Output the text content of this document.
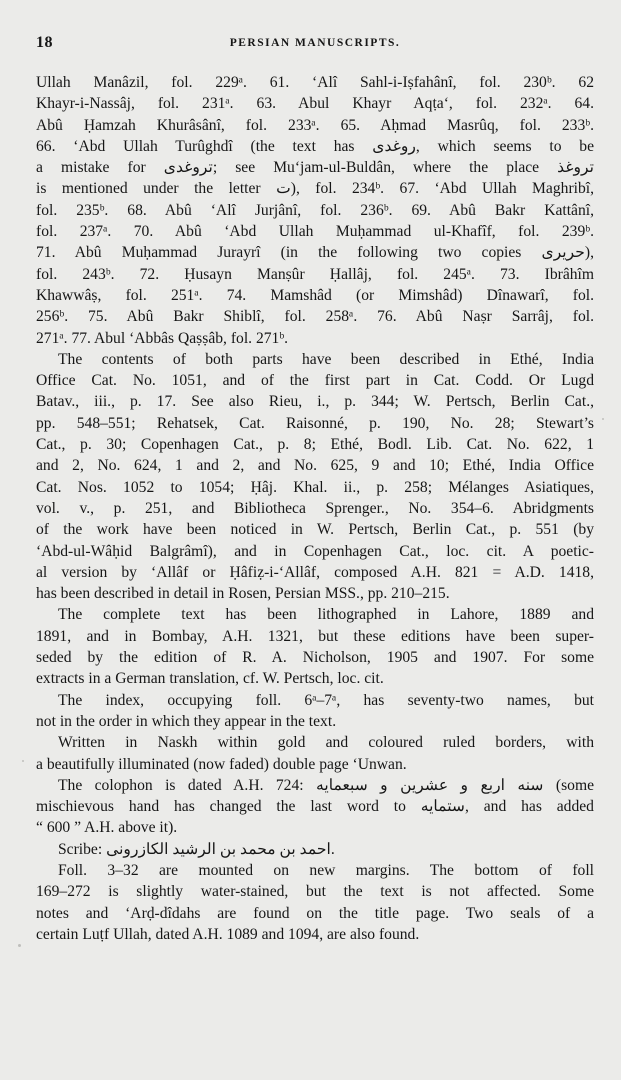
18	PERSIAN MANUSCRIPTS.
Ullah Manâzil, fol. 229ᵃ. 61. ‘Alî Sahl-i-Iṣfahânî, fol. 230ᵇ. 62
Khayr-i-Nassâj, fol. 231ᵃ. 63. Abul Khayr Aqṭa‘, fol. 232ᵃ. 64.
Abû Ḥamzah Khurâsânî, fol. 233ᵃ. 65. Aḥmad Masrûq, fol. 233ᵇ.
66. ‘Abd Ullah Turûghdî (the text has روغدی, which seems to be
a mistake for تروغدی; see Mu‘jam-ul-Buldân, where the place تروغذ
is mentioned under the letter ت), fol. 234ᵇ. 67. ‘Abd Ullah Maghribî,
fol. 235ᵇ. 68. Abû ‘Alî Jurjânî, fol. 236ᵇ. 69. Abû Bakr Kattânî,
fol. 237ᵃ. 70. Abû ‘Abd Ullah Muḥammad ul-Khafîf, fol. 239ᵇ.
71. Abû Muḥammad Jurayrî (in the following two copies حریری),
fol. 243ᵇ. 72. Ḥusayn Manṣûr Ḥallâj, fol. 245ᵃ. 73. Ibrâhîm
Khawwâṣ, fol. 251ᵃ. 74. Mamshâd (or Mimshâd) Dînawarî, fol.
256ᵇ. 75. Abû Bakr Shiblî, fol. 258ᵃ. 76. Abû Naṣr Sarrâj, fol.
271ᵃ. 77. Abul ‘Abbâs Qaṣṣâb, fol. 271ᵇ.
The contents of both parts have been described in Ethé, India
Office Cat. No. 1051, and of the first part in Cat. Codd. Or Lugd
Batav., iii., p. 17. See also Rieu, i., p. 344; W. Pertsch, Berlin Cat.,
pp. 548–551; Rehatsek, Cat. Raisonné, p. 190, No. 28; Stewart’s
Cat., p. 30; Copenhagen Cat., p. 8; Ethé, Bodl. Lib. Cat. No. 622, 1
and 2, No. 624, 1 and 2, and No. 625, 9 and 10; Ethé, India Office
Cat. Nos. 1052 to 1054; Ḥâj. Khal. ii., p. 258; Mélanges Asiatiques,
vol. v., p. 251, and Bibliotheca Sprenger., No. 354–6. Abridgments
of the work have been noticed in W. Pertsch, Berlin Cat., p. 551 (by
‘Abd-ul-Wâḥid Balgrâmî), and in Copenhagen Cat., loc. cit. A poetic-
al version by ‘Allâf or Ḥâfiẓ-i-‘Allâf, composed A.H. 821 = A.D. 1418,
has been described in detail in Rosen, Persian MSS., pp. 210–215.
The complete text has been lithographed in Lahore, 1889 and
1891, and in Bombay, A.H. 1321, but these editions have been super-
seded by the edition of R. A. Nicholson, 1905 and 1907. For some
extracts in a German translation, cf. W. Pertsch, loc. cit.
The index, occupying foll. 6ᵃ–7ᵃ, has seventy-two names, but
not in the order in which they appear in the text.
Written in Naskh within gold and coloured ruled borders, with
a beautifully illuminated (now faded) double page ‘Unwan.
The colophon is dated A.H. 724: سنه اربع و عشرین و سبعمایه (some
mischievous hand has changed the last word to ستمایه, and has added
“ 600 ” A.H. above it).
Scribe: احمد بن محمد بن الرشید الکازرونی.
Foll. 3–32 are mounted on new margins. The bottom of foll
169–272 is slightly water-stained, but the text is not affected. Some
notes and ‘Arḍ-dîdahs are found on the title page. Two seals of a
certain Luṭf Ullah, dated A.H. 1089 and 1094, are also found.
